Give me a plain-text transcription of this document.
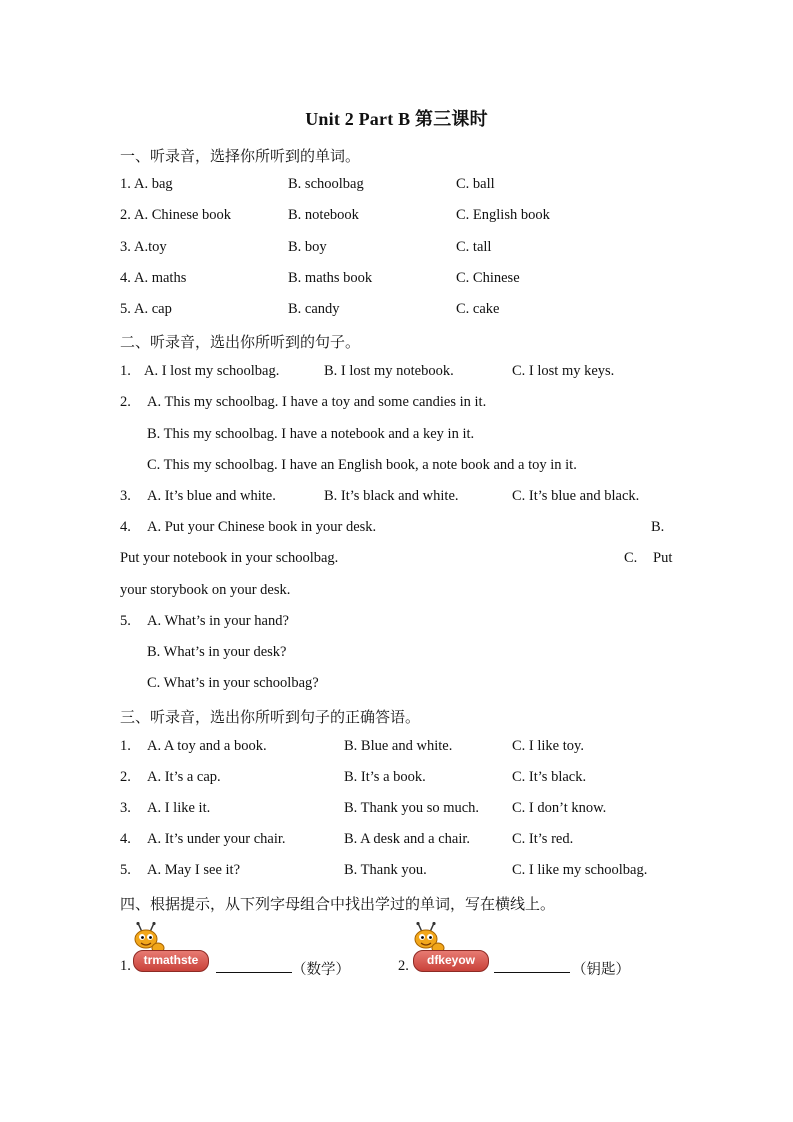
Unit 2 Part B 第三课时
一、听录音，选择你所听到的单词。
1. A. bag	B. schoolbag	C. ball
2. A. Chinese book	B. notebook	C. English book
3. A.toy	B. boy	C. tall
4. A. maths	B. maths book	C. Chinese
5. A. cap	B. candy	C. cake
二、听录音，选出你所听到的句子。
1. A. I lost my schoolbag.	B. I lost my notebook.	C. I lost my keys.
2. A. This my schoolbag. I have a toy and some candies in it.
B. This my schoolbag. I have a notebook and a key in it.
C. This my schoolbag. I have an English book, a note book and a toy in it.
3. A. It’s blue and white.	B. It’s black and white.	C. It’s blue and black.
4. A. Put your Chinese book in your desk.	B.
Put your notebook in your schoolbag.	C. Put
your storybook on your desk.
5. A. What’s in your hand?
B. What’s in your desk?
C. What’s in your schoolbag?
三、听录音，选出你所听到句子的正确答语。
1. A. A toy and a book.	B. Blue and white.	C. I like toy.
2. A. It’s a cap.	B. It’s a book.	C. It’s black.
3. A. I like it.	B. Thank you so much. C. I don’t know.
4. A. It’s under your chair.	B. A desk and a chair.	C. It’s red.
5. A. May I see it?	B. Thank you.	C. I like my schoolbag.
四、根据提示，从下列字母组合中找出学过的单词，写在横线上。
1.	trmathste
（数学）	2.	dfkeyow
（钥匙）
